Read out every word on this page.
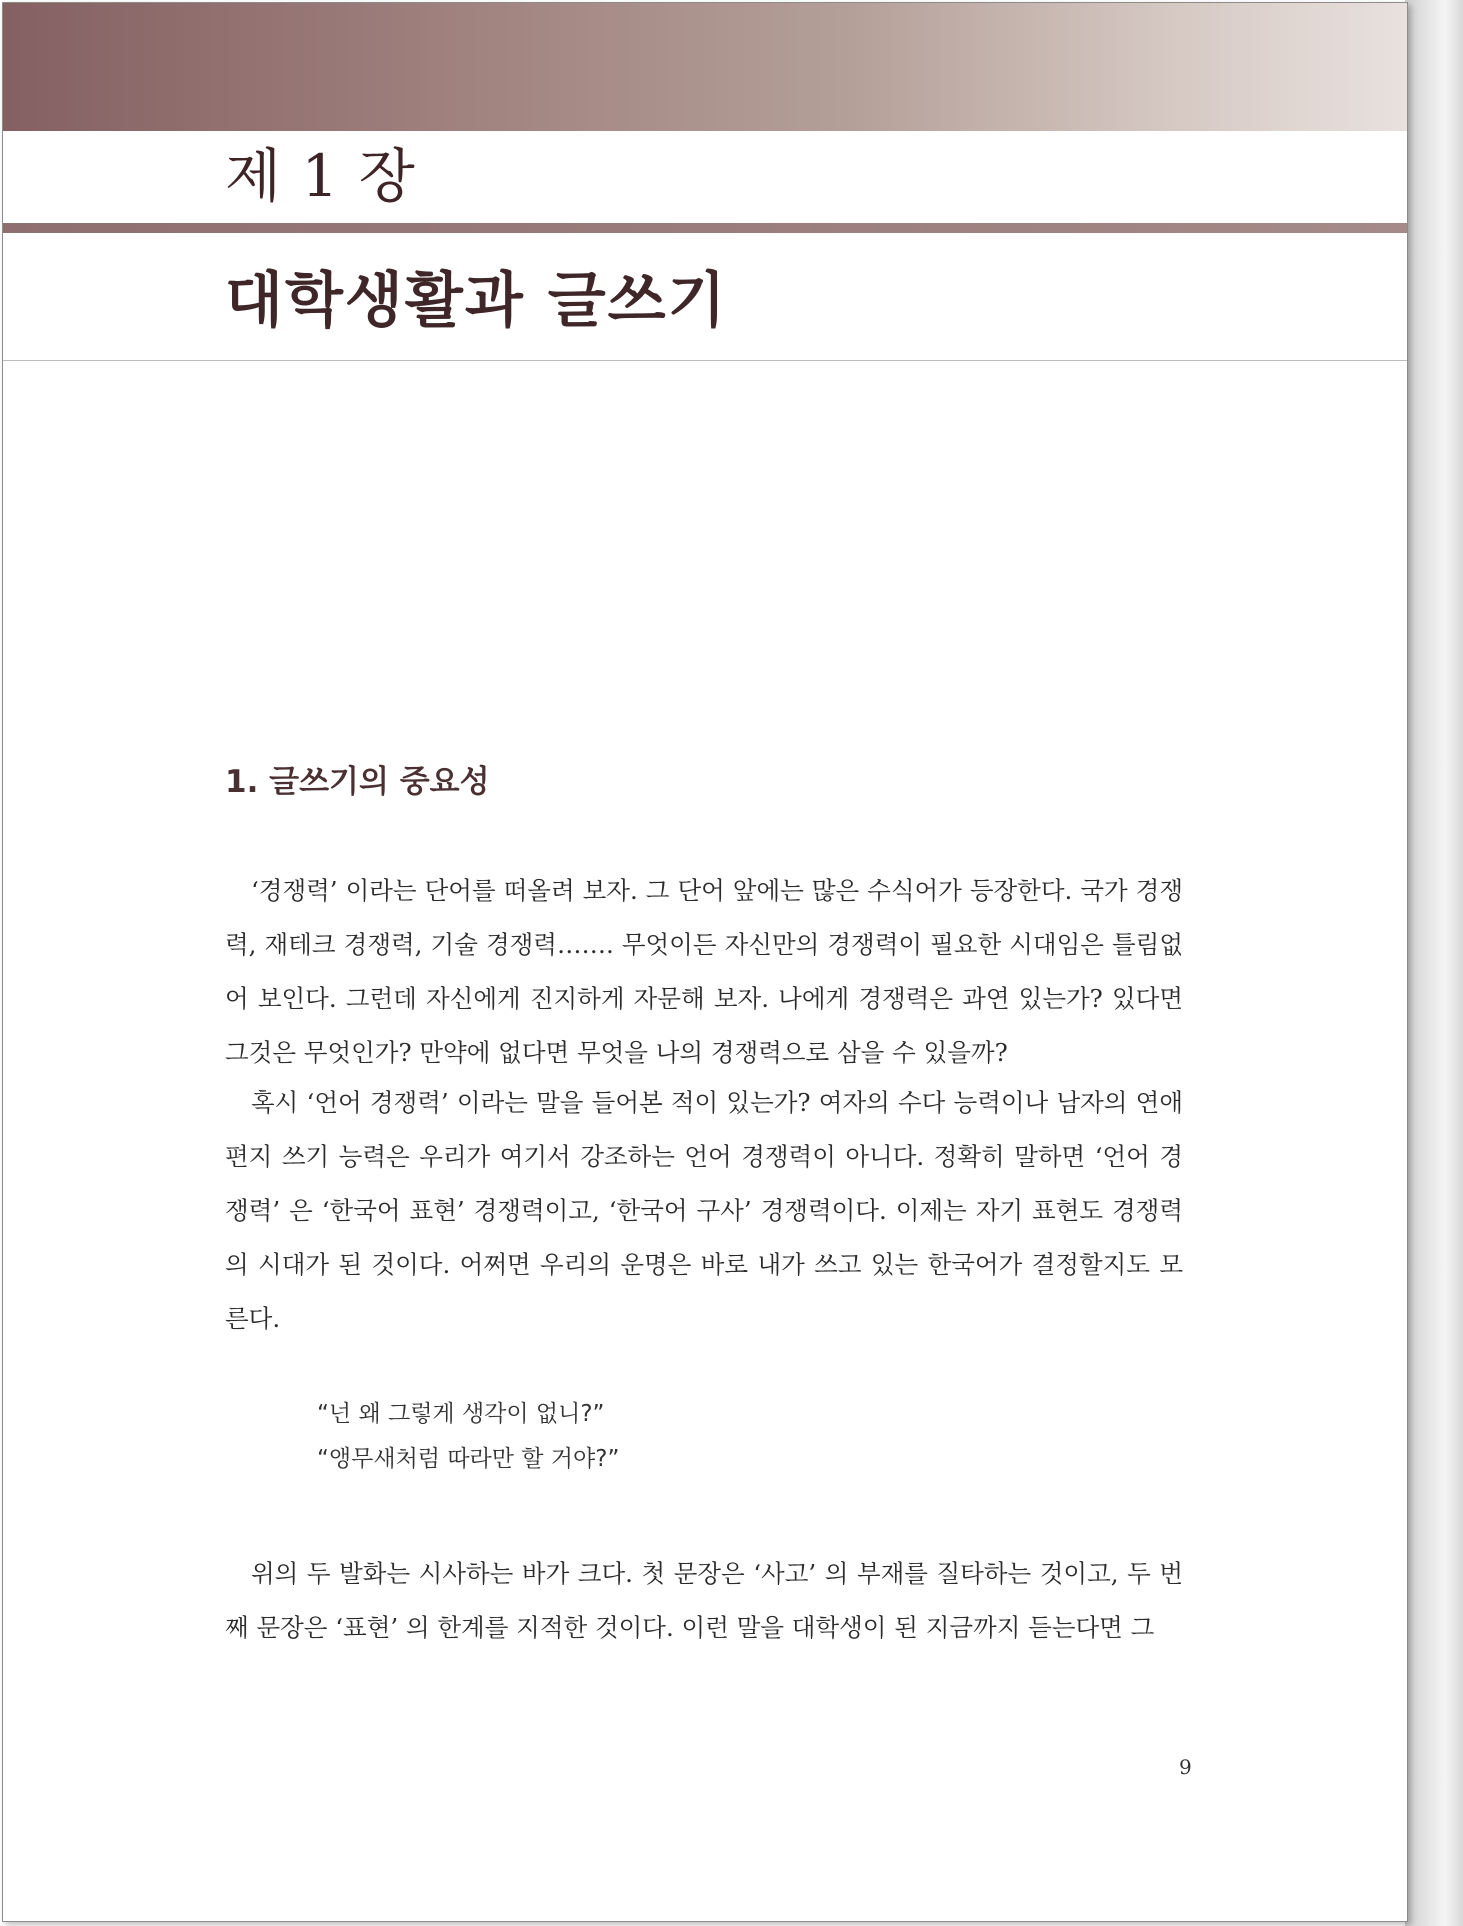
제 1 장
대학생활과 글쓰기
1. 글쓰기의 중요성

‘경쟁력’ 이라는 단어를 떠올려 보자. 그 단어 앞에는 많은 수식어가 등장한다. 국가 경쟁력, 재테크 경쟁력, 기술 경쟁력……. 무엇이든 자신만의 경쟁력이 필요한 시대임은 틀림없어 보인다. 그런데 자신에게 진지하게 자문해 보자. 나에게 경쟁력은 과연 있는가? 있다면 그것은 무엇인가? 만약에 없다면 무엇을 나의 경쟁력으로 삼을 수 있을까?

혹시 ‘언어 경쟁력’ 이라는 말을 들어본 적이 있는가? 여자의 수다 능력이나 남자의 연애편지 쓰기 능력은 우리가 여기서 강조하는 언어 경쟁력이 아니다. 정확히 말하면 ‘언어 경쟁력’ 은 ‘한국어 표현’ 경쟁력이고, ‘한국어 구사’ 경쟁력이다. 이제는 자기 표현도 경쟁력의 시대가 된 것이다. 어쩌면 우리의 운명은 바로 내가 쓰고 있는 한국어가 결정할지도 모른다.

“넌 왜 그렇게 생각이 없니?”
“앵무새처럼 따라만 할 거야?”

위의 두 발화는 시사하는 바가 크다. 첫 문장은 ‘사고’ 의 부재를 질타하는 것이고, 두 번째 문장은 ‘표현’ 의 한계를 지적한 것이다. 이런 말을 대학생이 된 지금까지 듣는다면 그

9
